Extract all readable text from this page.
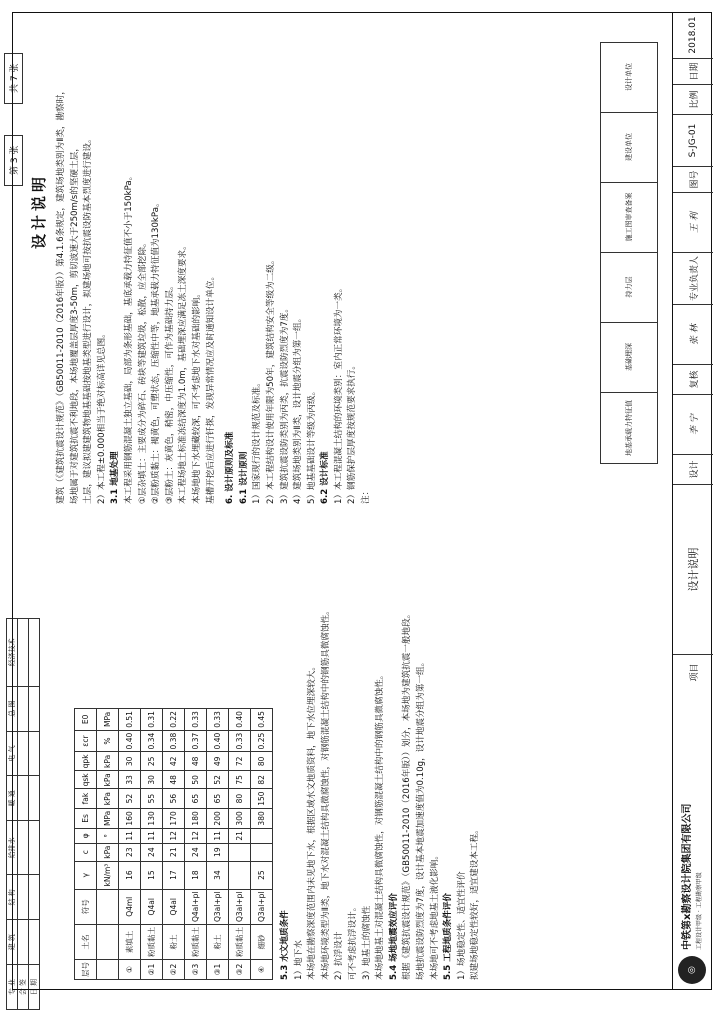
专 业	建 筑	结 构	给排水	暖 通	电 气	总 图	经济技术
会 签							
日 期							
第 3 张
共 7 张
设计说明 建筑（《建筑抗震设计规范》（GB50011-2010（2016年版））第4.1.6条规定，建筑场地类别为Ⅱ类，勘察时， 场地属于对建筑抗震不利地段，本场地覆盖层厚度3-50m，剪切波速大于250m/s的坚硬土层， 土层，建议拟建建筑物地基基础按地基类型进行设计，拟建场地可按抗震设防基本烈度进行建设。 2）本工程±0.000相当于绝对标高详见总图。 3.1 地基处理 本工程采用钢筋混凝土独立基础，局部为条形基础，基底承载力特征值不小于150kPa。 ①层杂填土：主要成分为碎石、砖块等建筑垃圾，松散，应全部挖除。 ②层粉质黏土：褐黄色，可塑状态，压缩性中等，地基承载力特征值为130kPa。 ③层粉土：灰黄色，稍密，中压缩性，可作为基础持力层。 本工程场地土标准冻结深度为1.0m，基础埋深应满足冻土深度要求。 本场地地下水埋藏较深，可不考虑地下水对基础的影响。 基槽开挖后应进行钎探，发现异常情况应及时通知设计单位。	6. 设计原则及标准 6.1 设计原则 1）国家现行的设计规范及标准。 2）本工程结构设计使用年限为50年，建筑结构安全等级为二级。 3）建筑抗震设防类别为丙类，抗震设防烈度为7度。 4）建筑场地类别为Ⅱ类，设计地震分组为第一组。 5）地基基础设计等级为丙级。 6.2 设计标准 1）本工程混凝土结构的环境类别：室内正常环境为一类。 2）钢筋保护层厚度按规范要求执行。 注：

地基承载力特征值
基础埋深
持力层
施工图审查备案
建设单位
设计单位
层号	土名	符号	γ	c	φ	Es	fak	qsk	qpk	εcr	E0
			kN/m³	kPa	°	MPa	kPa	kPa	kPa	%	MPa
①	素填土	Q4ml	16	23	11	160	52	33	30	0.40	0.51
②1	粉质黏土	Q4al	15	24	11	130	55	30	25	0.34	0.31
②2	粉土	Q4al	17	21	12	170	56	48	42	0.38	0.22
②3	粉质黏土	Q4al+pl	18	24	12	180	65	50	48	0.37	0.33
③1	粉土	Q3al+pl	34	19	11	200	65	52	49	0.40	0.33
③2	粉质黏土	Q3al+pl			21	300	80	75	72	0.33	0.40
④	细砂	Q3al+pl	25			380	150	82	80	0.25	0.45

5.3 水文地质条件 1）地下水 本场地在勘察深度范围内未见地下水，根据区域水文地质资料，地下水位埋深较大。 本场地环境类型为Ⅱ类，地下水对混凝土结构具微腐蚀性，对钢筋混凝土结构中的钢筋具微腐蚀性。 2）抗浮设计 可不考虑抗浮设计。 3）地基土的腐蚀性 本场地地基土对混凝土结构具微腐蚀性，对钢筋混凝土结构中的钢筋具微腐蚀性。 5.4 场地地震效应评价 根据《建筑抗震设计规范》（GB50011-2010（2016年版））划分，本场地为建筑抗震一般地段。 场地抗震设防烈度为7度，设计基本地震加速度值为0.10g，设计地震分组为第一组。 本场地可不考虑地基土液化影响。 5.5 工程地质条件评价 1）场地稳定性、适宜性评价 拟建场地稳定性较好，适宜建设本工程。

项目
设计说明
设计
李 宁
复核
张 林
专业负责人
王 利
图号
S-JG-01
比例
日期
2018.01
◎
中铁第x勘察设计院集团有限公司 工程设计甲级 · 工程勘察甲级
